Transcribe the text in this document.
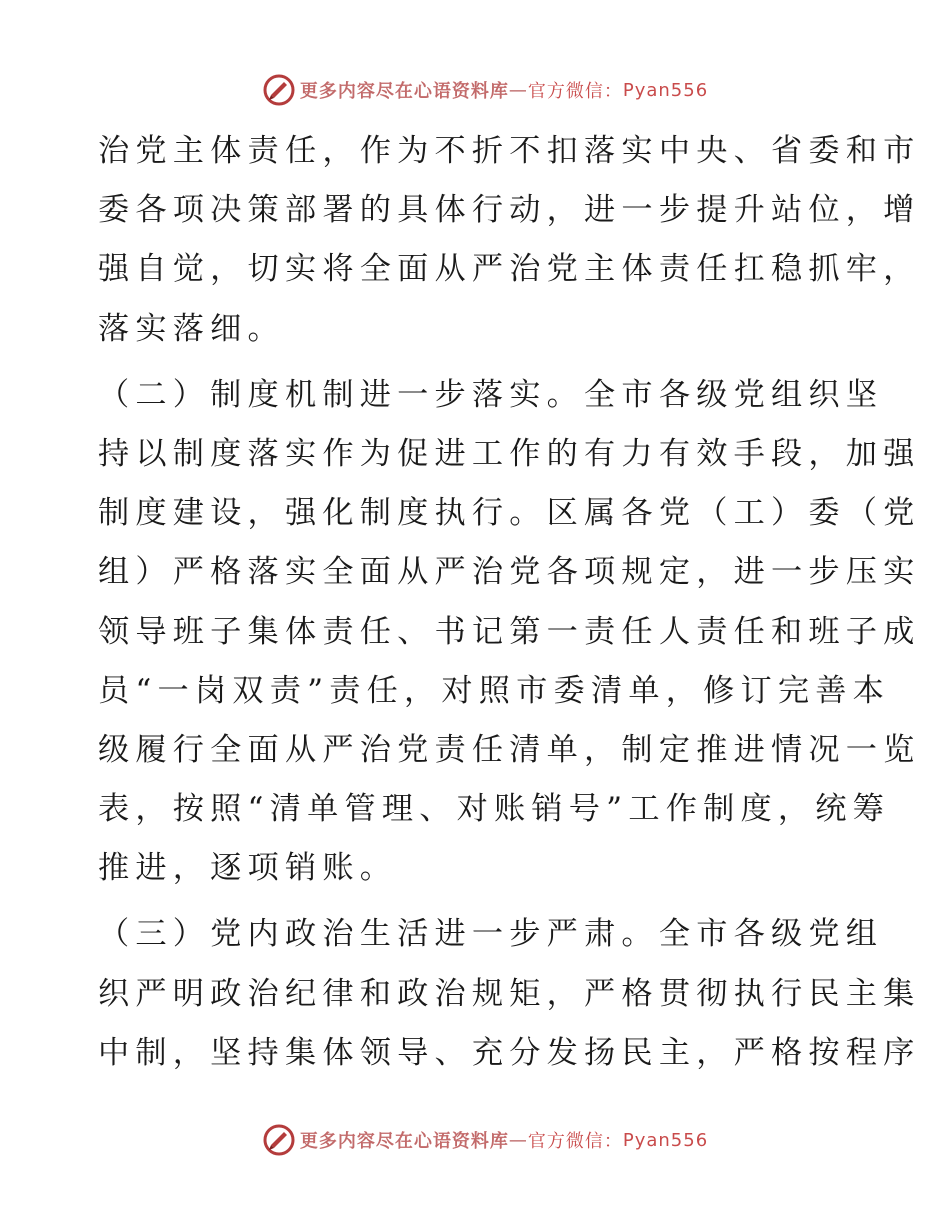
更多内容尽在心语资料库 — 官方微信： Pyan556
治党主体责任，作为不折不扣落实中央、省委和市
委各项决策部署的具体行动，进一步提升站位，增
强自觉，切实将全面从严治党主体责任扛稳抓牢，
落实落细。
（二）制度机制进一步落实。全市各级党组织坚
持以制度落实作为促进工作的有力有效手段，加强
制度建设，强化制度执行。区属各党（工）委（党
组）严格落实全面从严治党各项规定，进一步压实
领导班子集体责任、书记第一责任人责任和班子成
员“一岗双责”责任，对照市委清单，修订完善本
级履行全面从严治党责任清单，制定推进情况一览
表，按照“清单管理、对账销号”工作制度，统筹
推进，逐项销账。
（三）党内政治生活进一步严肃。全市各级党组
织严明政治纪律和政治规矩，严格贯彻执行民主集
中制，坚持集体领导、充分发扬民主，严格按程序
更多内容尽在心语资料库 — 官方微信： Pyan556
